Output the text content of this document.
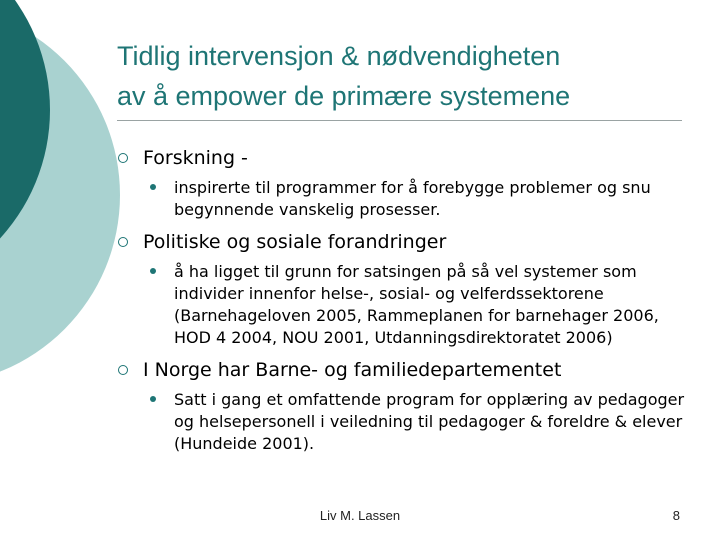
Tidlig intervensjon & nødvendigheten
av å empower de primære systemene
Forskning -
inspirerte til programmer for å forebygge problemer og snu begynnende vanskelig prosesser.
Politiske og sosiale forandringer
å ha ligget til grunn for satsingen på så vel systemer som individer innenfor helse-, sosial- og velferdssektorene (Barnehageloven 2005, Rammeplanen for barnehager 2006, HOD 4 2004, NOU 2001, Utdanningsdirektoratet 2006)
I Norge har Barne- og familiedepartementet
Satt i gang et omfattende program for opplæring av pedagoger og helsepersonell i veiledning til pedagoger & foreldre & elever (Hundeide 2001).
Liv M. Lassen	8
